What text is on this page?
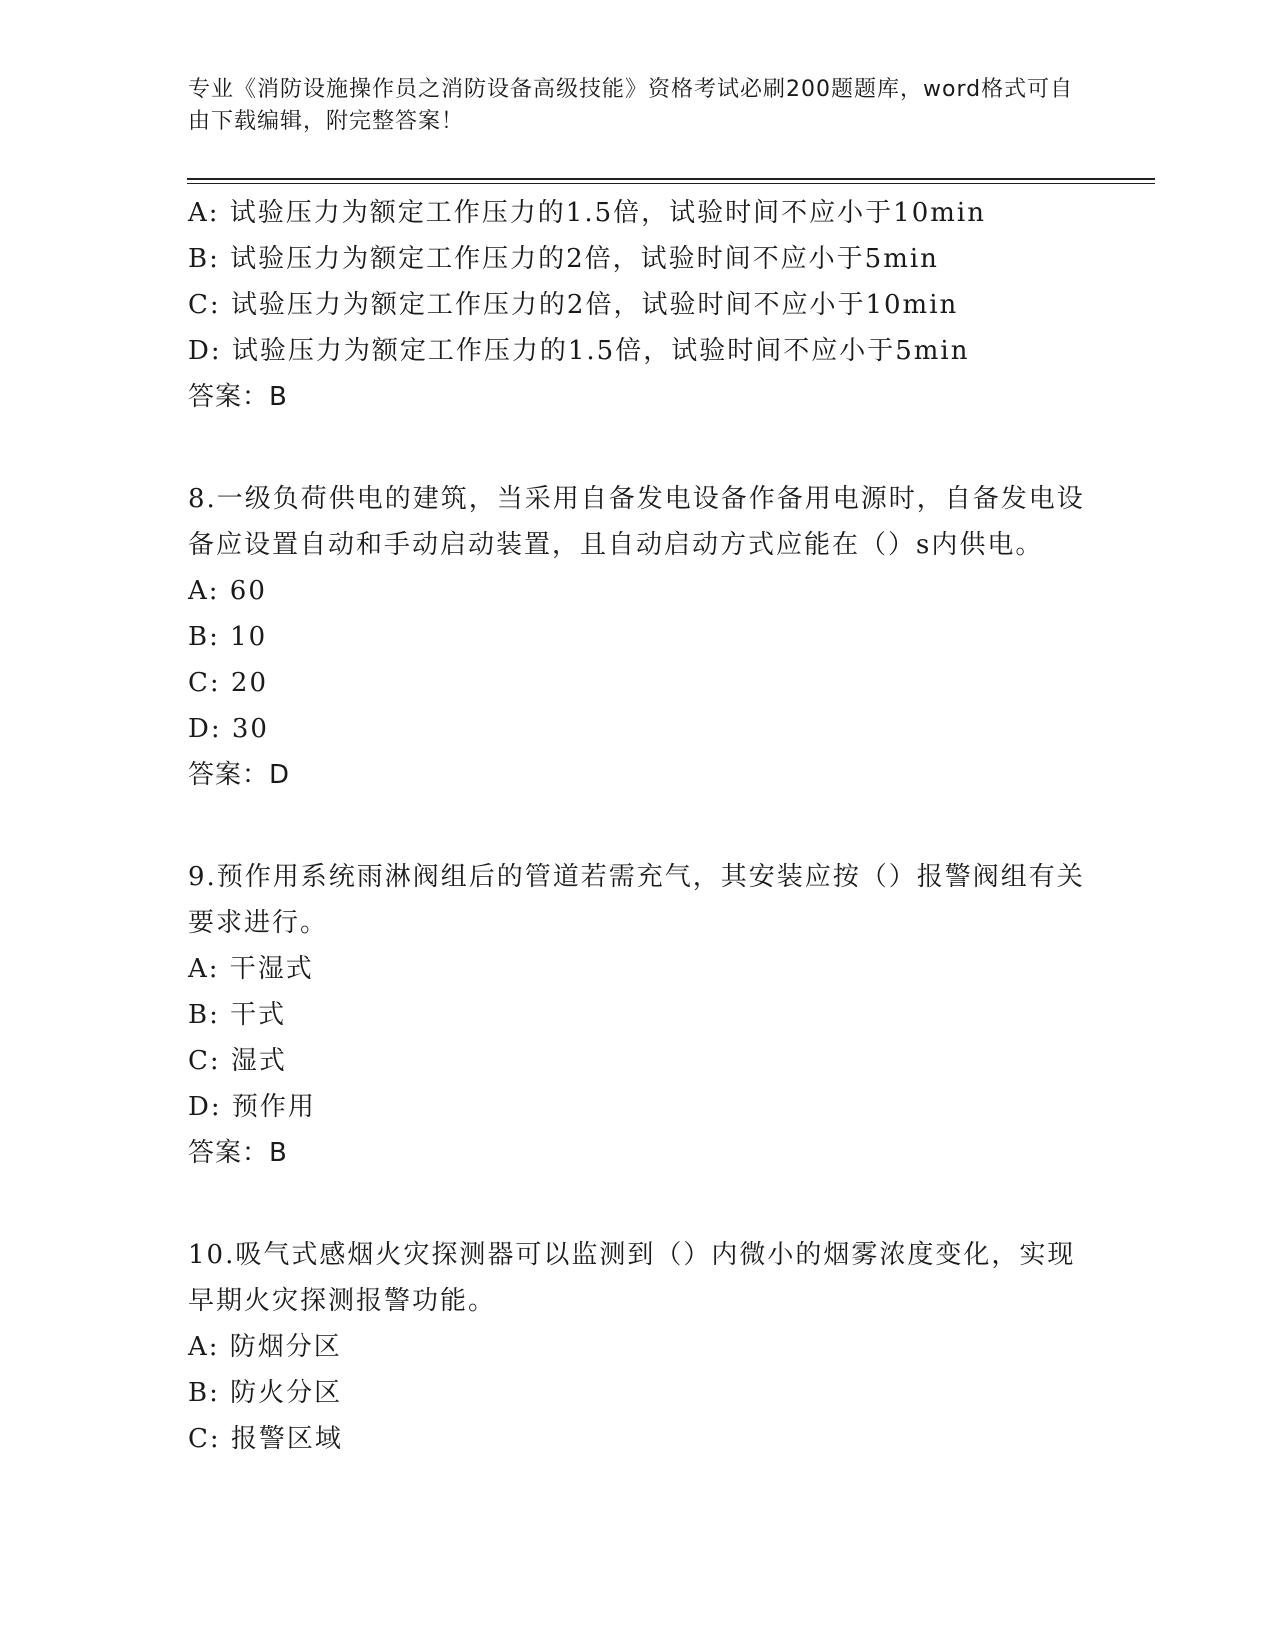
专业《消防设施操作员之消防设备高级技能》资格考试必刷200题题库，word格式可自由下载编辑，附完整答案！
A: 试验压力为额定工作压力的1.5倍，试验时间不应小于10min
B: 试验压力为额定工作压力的2倍，试验时间不应小于5min
C: 试验压力为额定工作压力的2倍，试验时间不应小于10min
D: 试验压力为额定工作压力的1.5倍，试验时间不应小于5min
答案：B
8.一级负荷供电的建筑，当采用自备发电设备作备用电源时，自备发电设备应设置自动和手动启动装置，且自动启动方式应能在（）s内供电。
A: 60
B: 10
C: 20
D: 30
答案：D
9.预作用系统雨淋阀组后的管道若需充气，其安装应按（）报警阀组有关要求进行。
A: 干湿式
B: 干式
C: 湿式
D: 预作用
答案：B
10.吸气式感烟火灾探测器可以监测到（）内微小的烟雾浓度变化，实现早期火灾探测报警功能。
A: 防烟分区
B: 防火分区
C: 报警区域
